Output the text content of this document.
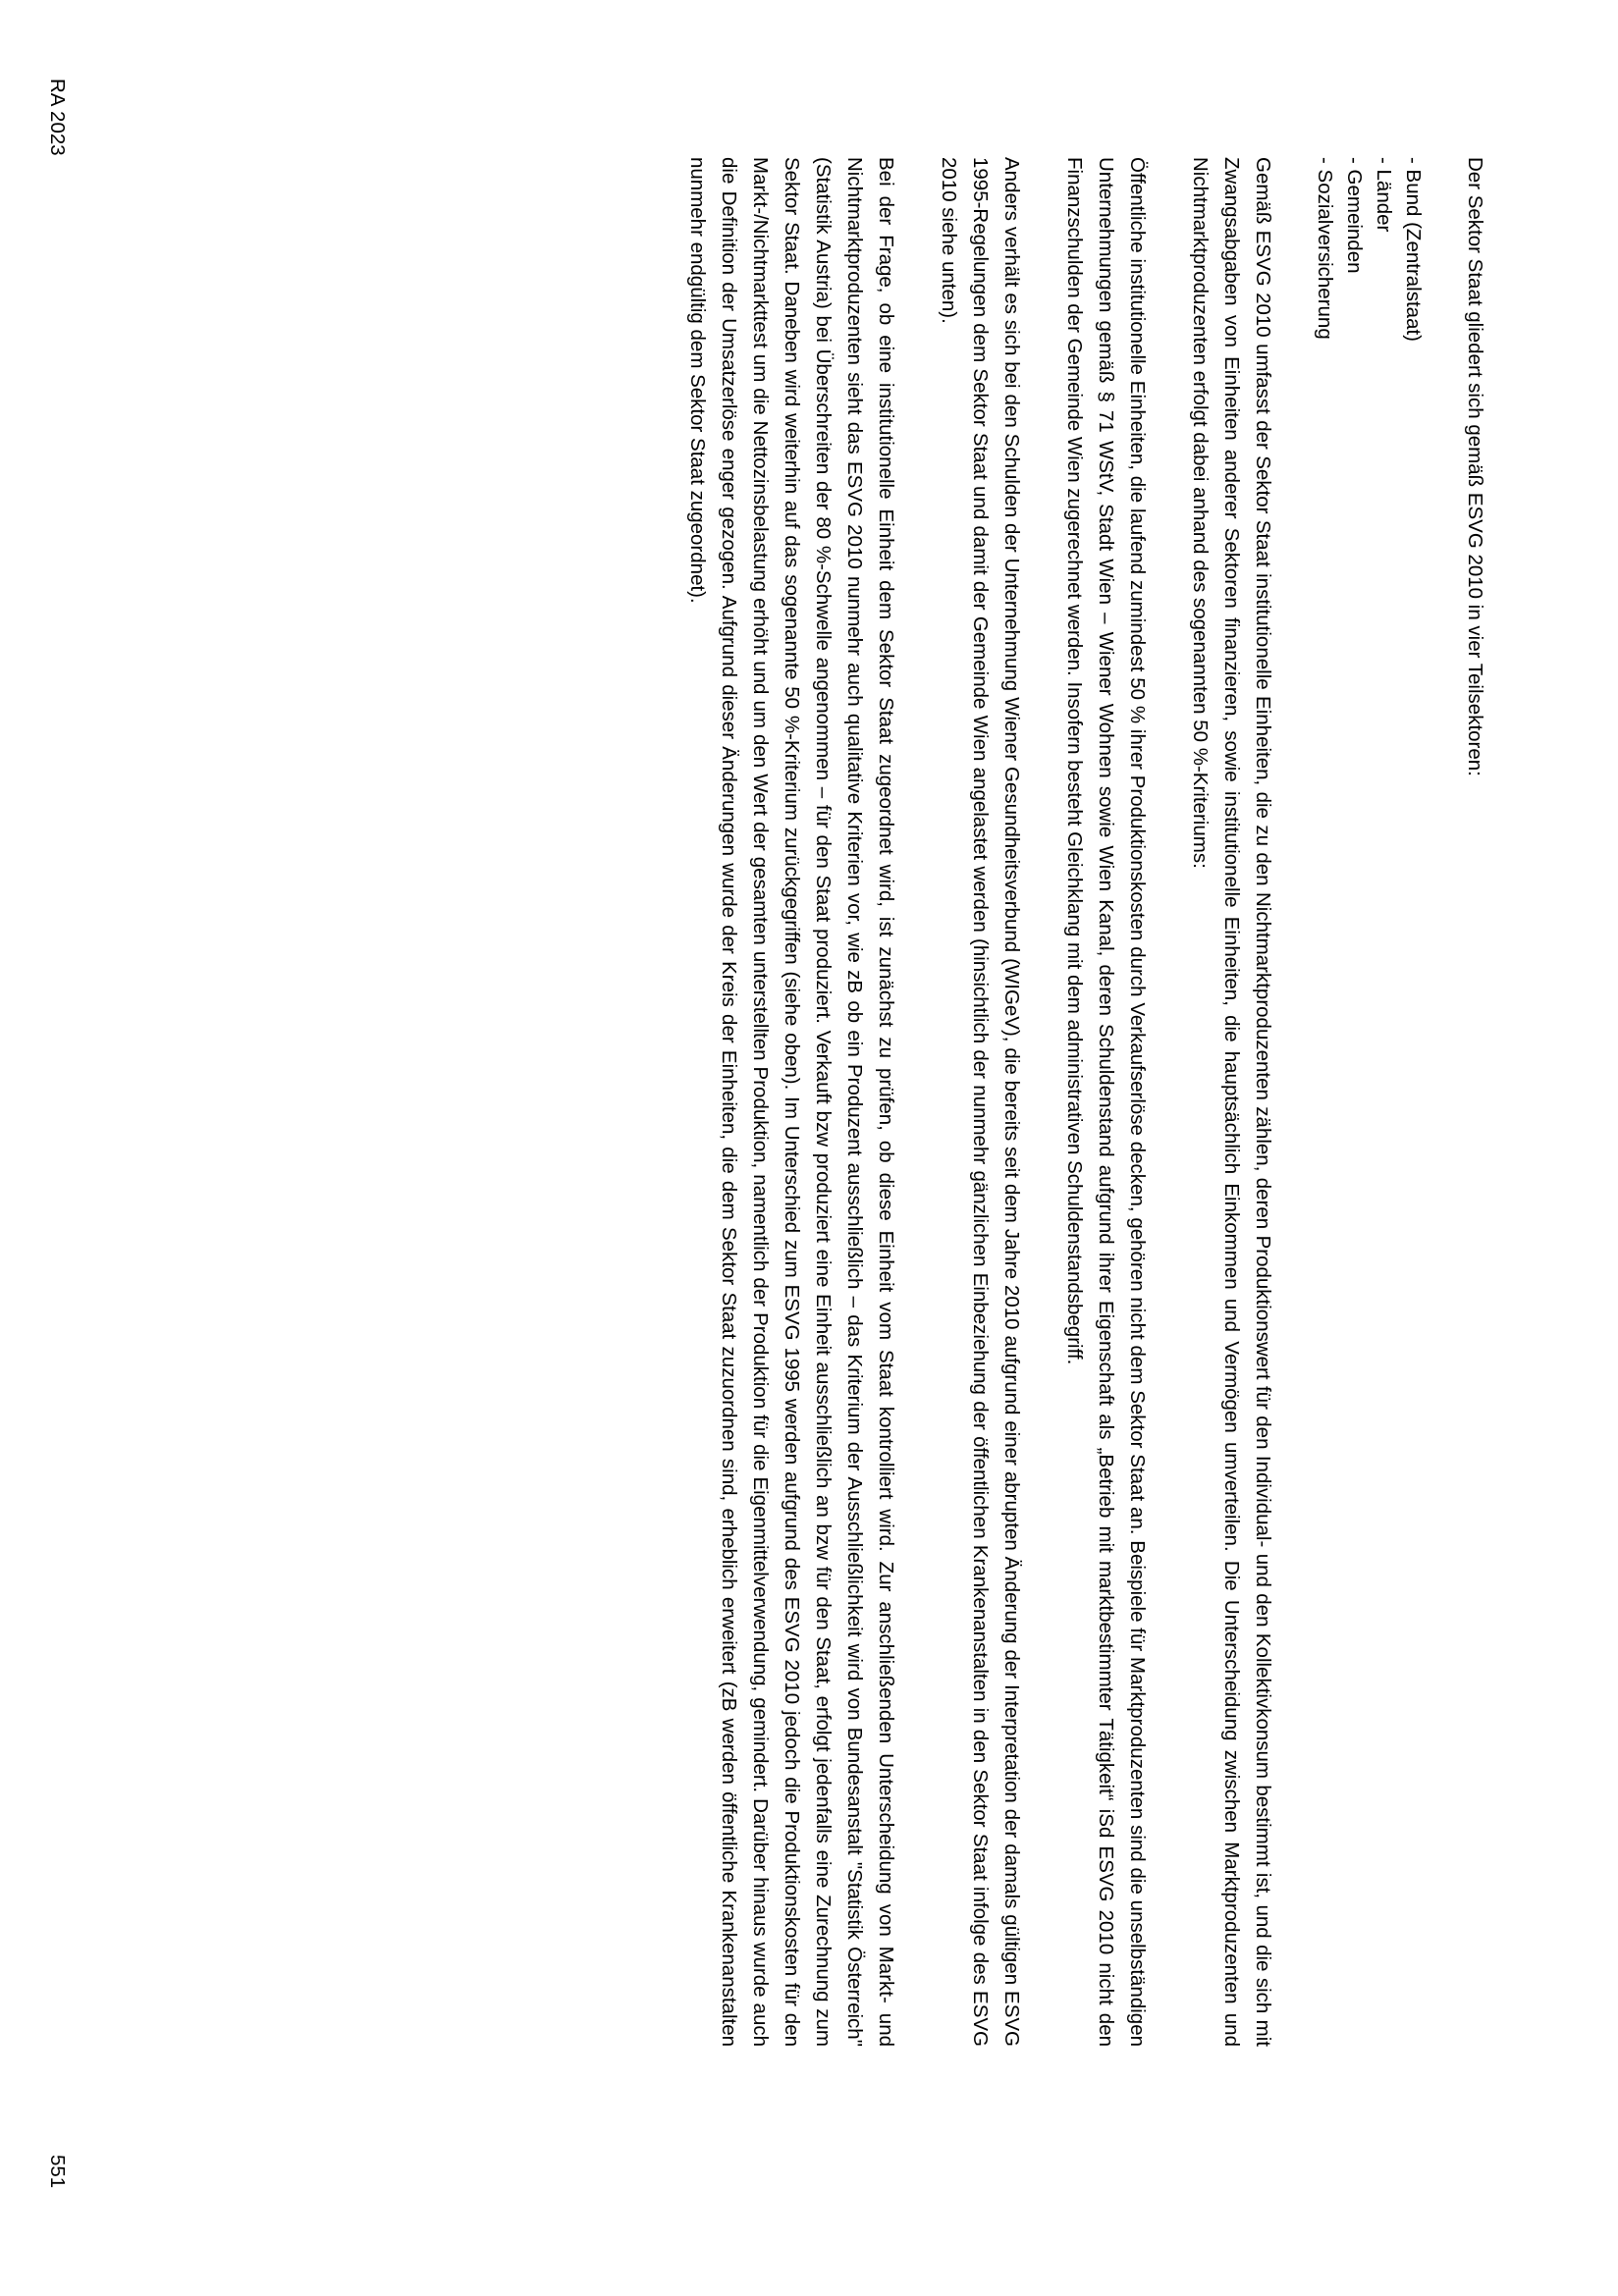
Der Sektor Staat gliedert sich gemäß ESVG 2010 in vier Teilsektoren:

- Bund (Zentralstaat)
- Länder
- Gemeinden
- Sozialversicherung

Gemäß ESVG 2010 umfasst der Sektor Staat institutionelle Einheiten, die zu den Nichtmarktproduzenten zählen, deren Produktionswert für den Individual- und den Kollektivkonsum bestimmt ist, und die sich mit Zwangsabgaben von Einheiten anderer Sektoren finanzieren, sowie institutionelle Einheiten, die hauptsächlich Einkommen und Vermögen umverteilen. Die Unterscheidung zwischen Marktproduzenten und Nichtmarktproduzenten erfolgt dabei anhand des sogenannten 50 %-Kriteriums:

Öffentliche institutionelle Einheiten, die laufend zumindest 50 % ihrer Produktionskosten durch Verkaufserlöse decken, gehören nicht dem Sektor Staat an. Beispiele für Marktproduzenten sind die unselbständigen Unternehmungen gemäß § 71 WStV, Stadt Wien – Wiener Wohnen sowie Wien Kanal, deren Schuldenstand aufgrund ihrer Eigenschaft als „Betrieb mit marktbestimmter Tätigkeit“ iSd ESVG 2010 nicht den Finanzschulden der Gemeinde Wien zugerechnet werden. Insofern besteht Gleichklang mit dem administrativen Schuldenstandsbegriff.

Anders verhält es sich bei den Schulden der Unternehmung Wiener Gesundheitsverbund (WIGeV), die bereits seit dem Jahre 2010 aufgrund einer abrupten Änderung der Interpretation der damals gültigen ESVG 1995-Regelungen dem Sektor Staat und damit der Gemeinde Wien angelastet werden (hinsichtlich der nunmehr gänzlichen Einbeziehung der öffentlichen Krankenanstalten in den Sektor Staat infolge des ESVG 2010 siehe unten).

Bei der Frage, ob eine institutionelle Einheit dem Sektor Staat zugeordnet wird, ist zunächst zu prüfen, ob diese Einheit vom Staat kontrolliert wird. Zur anschließenden Unterscheidung von Markt- und Nichtmarktproduzenten sieht das ESVG 2010 nunmehr auch qualitative Kriterien vor, wie zB ob ein Produzent ausschließlich – das Kriterium der Ausschließlichkeit wird von Bundesanstalt "Statistik Österreich" (Statistik Austria) bei Überschreiten der 80 %-Schwelle angenommen – für den Staat produziert. Verkauft bzw produziert eine Einheit ausschließlich an bzw für den Staat, erfolgt jedenfalls eine Zurechnung zum Sektor Staat. Daneben wird weiterhin auf das sogenannte 50 %-Kriterium zurückgegriffen (siehe oben). Im Unterschied zum ESVG 1995 werden aufgrund des ESVG 2010 jedoch die Produktionskosten für den Markt-/Nichtmarkttest um die Nettozinsbelastung erhöht und um den Wert der gesamten unterstellten Produktion, namentlich der Produktion für die Eigenmittelverwendung, gemindert. Darüber hinaus wurde auch die Definition der Umsatzerlöse enger gezogen. Aufgrund dieser Änderungen wurde der Kreis der Einheiten, die dem Sektor Staat zuzuordnen sind, erheblich erweitert (zB werden öffentliche Krankenanstalten nunmehr endgültig dem Sektor Staat zugeordnet).

RA 2023
551
